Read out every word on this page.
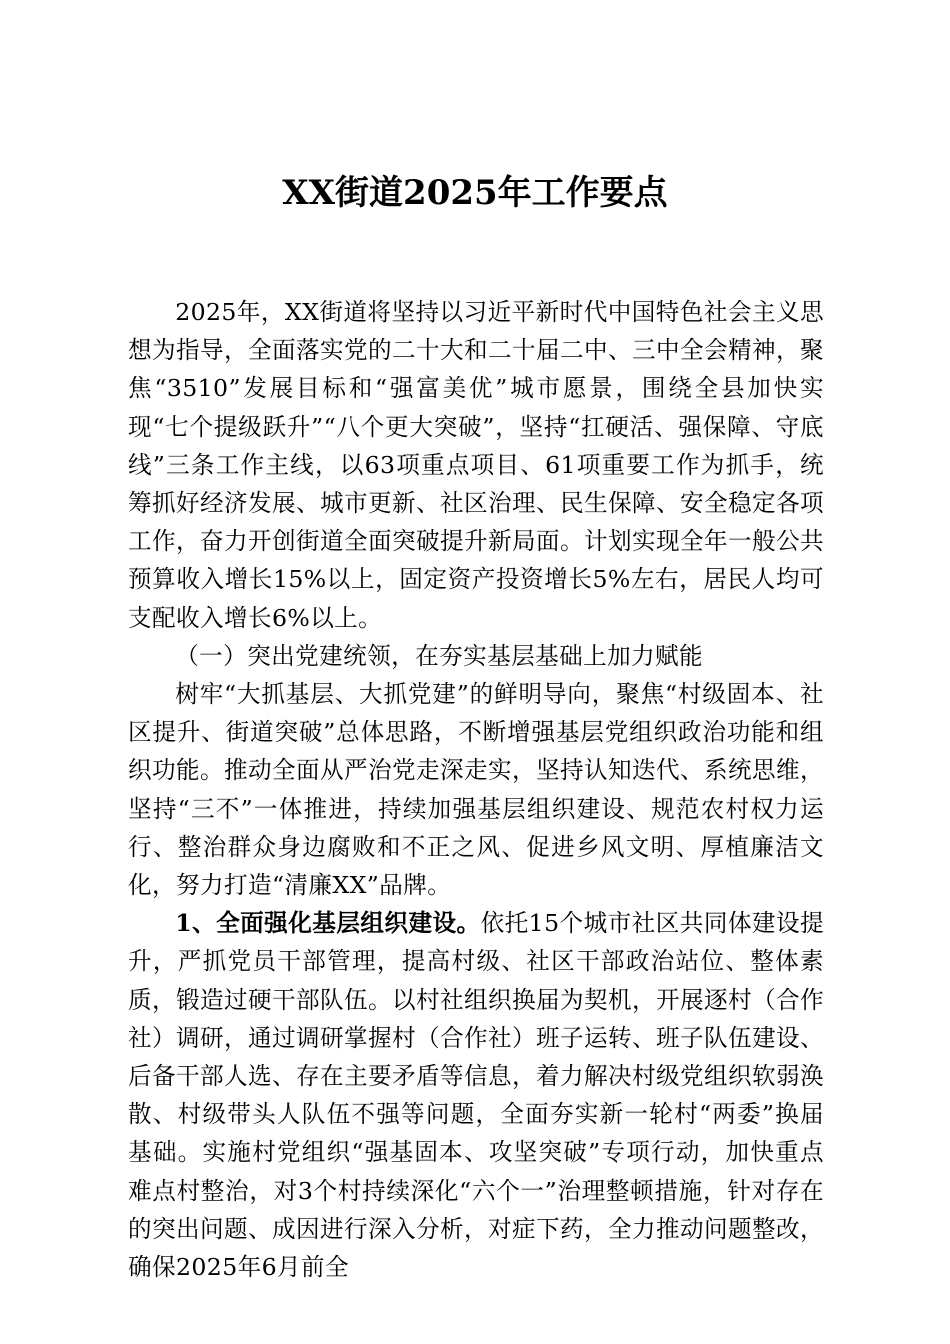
XX街道2025年工作要点

2025年，XX街道将坚持以习近平新时代中国特色社会主义思想为指导，全面落实党的二十大和二十届二中、三中全会精神，聚焦“3510”发展目标和“强富美优”城市愿景，围绕全县加快实现“七个提级跃升”“八个更大突破”，坚持“扛硬活、强保障、守底线”三条工作主线，以63项重点项目、61项重要工作为抓手，统筹抓好经济发展、城市更新、社区治理、民生保障、安全稳定各项工作，奋力开创街道全面突破提升新局面。计划实现全年一般公共预算收入增长15%以上，固定资产投资增长5%左右，居民人均可支配收入增长6%以上。

（一）突出党建统领，在夯实基层基础上加力赋能

树牢“大抓基层、大抓党建”的鲜明导向，聚焦“村级固本、社区提升、街道突破”总体思路，不断增强基层党组织政治功能和组织功能。推动全面从严治党走深走实，坚持认知迭代、系统思维，坚持“三不”一体推进，持续加强基层组织建设、规范农村权力运行、整治群众身边腐败和不正之风、促进乡风文明、厚植廉洁文化，努力打造“清廉XX”品牌。

1、全面强化基层组织建设。依托15个城市社区共同体建设提升，严抓党员干部管理，提高村级、社区干部政治站位、整体素质，锻造过硬干部队伍。以村社组织换届为契机，开展逐村（合作社）调研，通过调研掌握村（合作社）班子运转、班子队伍建设、后备干部人选、存在主要矛盾等信息，着力解决村级党组织软弱涣散、村级带头人队伍不强等问题，全面夯实新一轮村“两委”换届基础。实施村党组织“强基固本、攻坚突破”专项行动，加快重点难点村整治，对3个村持续深化“六个一”治理整顿措施，针对存在的突出问题、成因进行深入分析，对症下药，全力推动问题整改，确保2025年6月前全
